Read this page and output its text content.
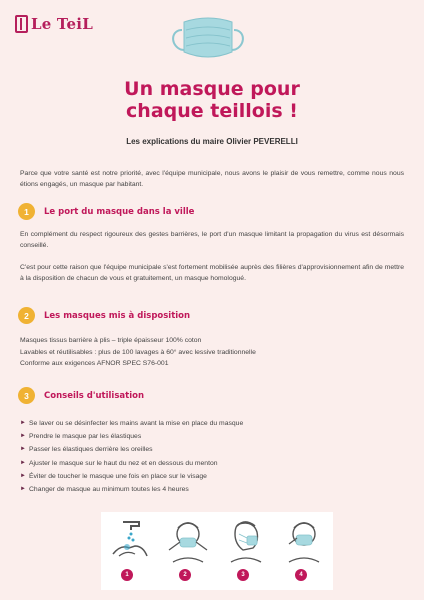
Le TeiL
Un masque pour
chaque teillois !
Les explications du maire Olivier PEVERELLI
Parce que votre santé est notre priorité, avec l'équipe municipale, nous avons le plaisir de vous remettre, comme nous nous étions engagés, un masque par habitant.
1	Le port du masque dans la ville
En complément du respect rigoureux des gestes barrières, le port d'un masque limitant la propagation du virus est désormais conseillé.
C'est pour cette raison que l'équipe municipale s'est fortement mobilisée auprès des filières d'approvisionnement afin de mettre à la disposition de chacun de vous et gratuitement, un masque homologué.
2	Les masques mis à disposition
Masques tissus barrière à plis – triple épaisseur 100% coton
Lavables et réutilisables : plus de 100 lavages à 60° avec lessive traditionnelle
Conforme aux exigences AFNOR SPEC S76-001
3	Conseils d'utilisation
► Se laver ou se désinfecter les mains avant la mise en place du masque
► Prendre le masque par les élastiques
► Passer les élastiques derrière les oreilles
► Ajuster le masque sur le haut du nez et en dessous du menton
► Éviter de toucher le masque une fois en place sur le visage
► Changer de masque au minimum toutes les 4 heures
1	2	3	4
